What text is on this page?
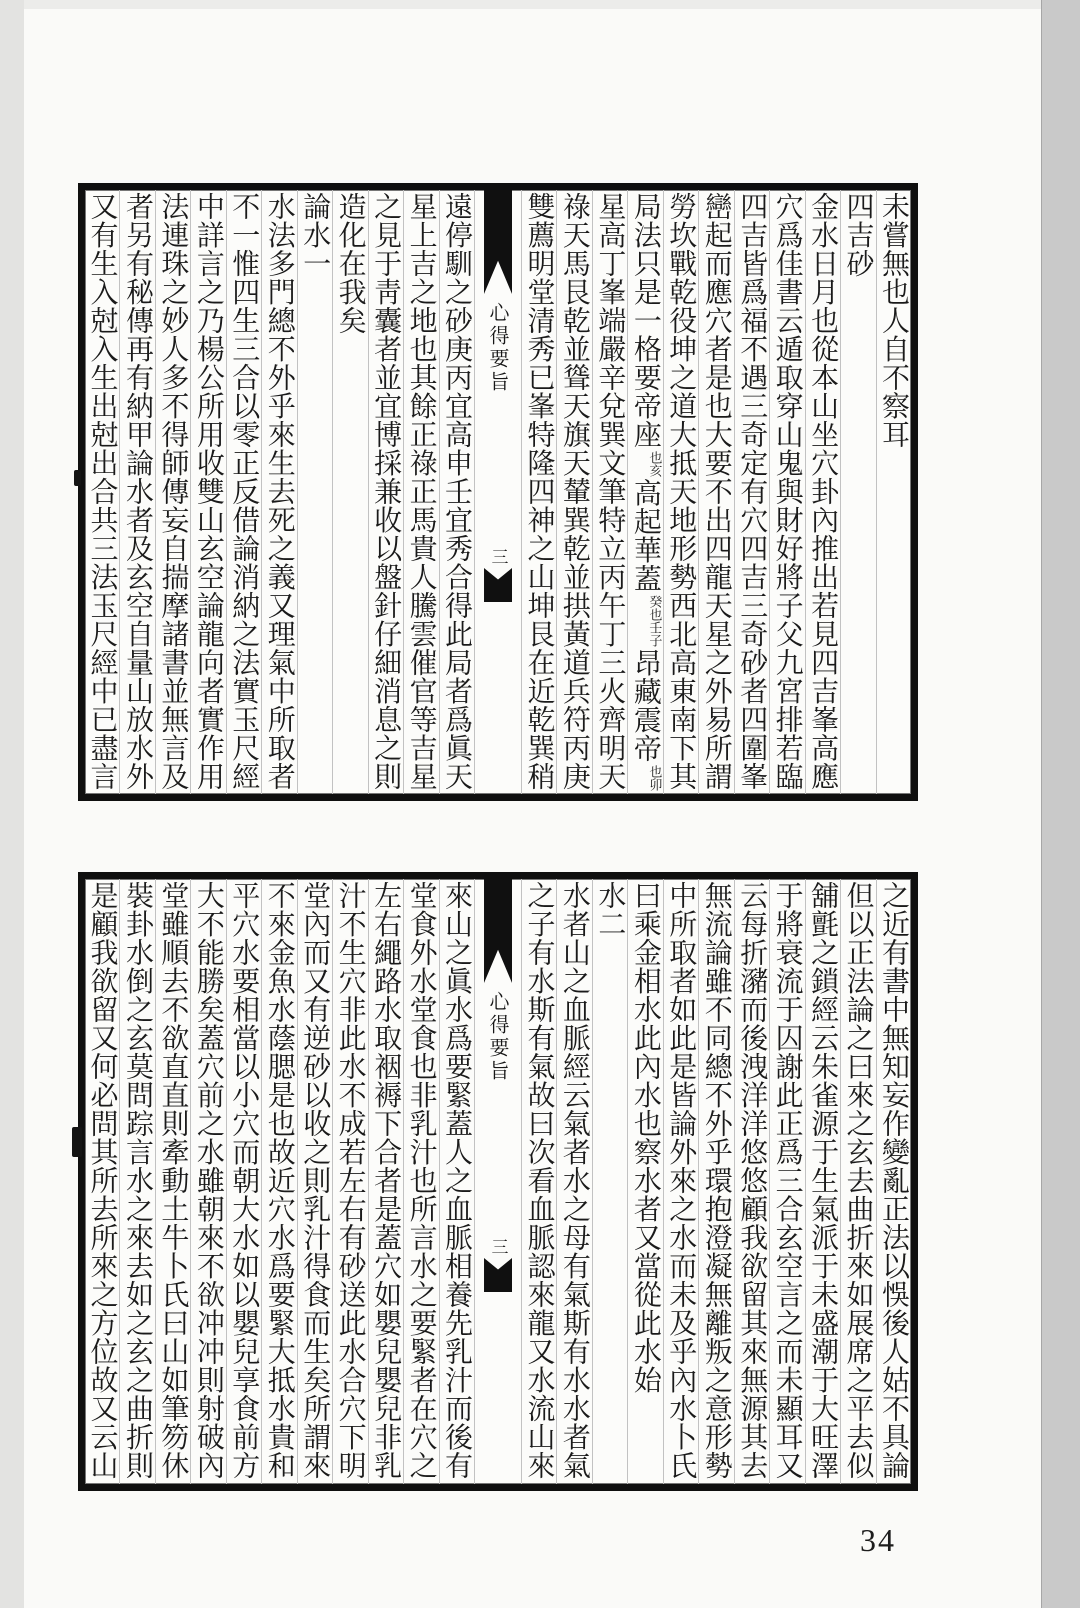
未嘗無也人自不察耳
四吉砂
金水日月也從本山坐穴卦內推出若見四吉峯高應
穴爲佳書云遁取穿山鬼與財好將子父九宮排若臨
四吉皆爲福不遇三奇定有穴四吉三奇砂者四圍峯
巒起而應穴者是也大要不出四龍天星之外易所謂
勞坎戰乾役坤之道大抵天地形勢西北高東南下其
局法只是一格要帝座
亥
也
高起華蓋
壬子
癸也
昂藏震帝
卯
也
星高丁峯端嚴辛兌巽文筆特立丙午丁三火齊明天
祿天馬艮乾並聳天旗天輦巽乾並拱黃道兵符丙庚
雙薦明堂清秀已峯特隆四神之山坤艮在近乾巽稍
心得要旨
三
遠停馴之砂庚丙宜高申壬宜秀合得此局者爲眞天
星上吉之地也其餘正祿正馬貴人騰雲催官等吉星
之見于靑囊者並宜博採兼收以盤針仔細消息之則
造化在我矣
論水一
水法多門總不外乎來生去死之義又理氣中所取者
不一惟四生三合以零正反借論消納之法實玉尺經
中詳言之乃楊公所用收雙山玄空論龍向者實作用
法連珠之妙人多不得師傳妄自揣摩諸書並無言及
者另有秘傳再有納甲論水者及玄空自量山放水外
又有生入尅入生出尅出合共三法玉尺經中已盡言
之近有書中無知妄作變亂正法以悞後人姑不具論
但以正法論之曰來之玄去曲折來如展席之平去似
舖氈之鎖經云朱雀源于生氣派于未盛潮于大旺澤
于將衰流于囚謝此正爲三合玄空言之而未顯耳又
云每折瀦而後洩洋洋悠悠顧我欲留其來無源其去
無流論雖不同總不外乎環抱澄凝無離叛之意形勢
中所取者如此是皆論外來之水而未及乎內水卜氏
曰乘金相水此內水也察水者又當從此水始
水二
水者山之血脈經云氣者水之母有氣斯有水水者氣
之子有水斯有氣故曰次看血脈認來龍又水流山來
心得要旨
三
來山之眞水爲要緊蓋人之血脈相養先乳汁而後有
堂食外水堂食也非乳汁也所言水之要緊者在穴之
左右繩路水取裀褥下合者是蓋穴如嬰兒嬰兒非乳
汁不生穴非此水不成若左右有砂送此水合穴下明
堂內而又有逆砂以收之則乳汁得食而生矣所謂來
不來金魚水蔭腮是也故近穴水爲要緊大抵水貴和
平穴水要相當以小穴而朝大水如以嬰兒享食前方
大不能勝矣蓋穴前之水雖朝來不欲冲冲則射破內
堂雖順去不欲直直則牽動土牛卜氏曰山如筆笏休
裝卦水倒之玄莫問踪言水之來去如之玄之曲折則
是顧我欲留又何必問其所去所來之方位故又云山
34
